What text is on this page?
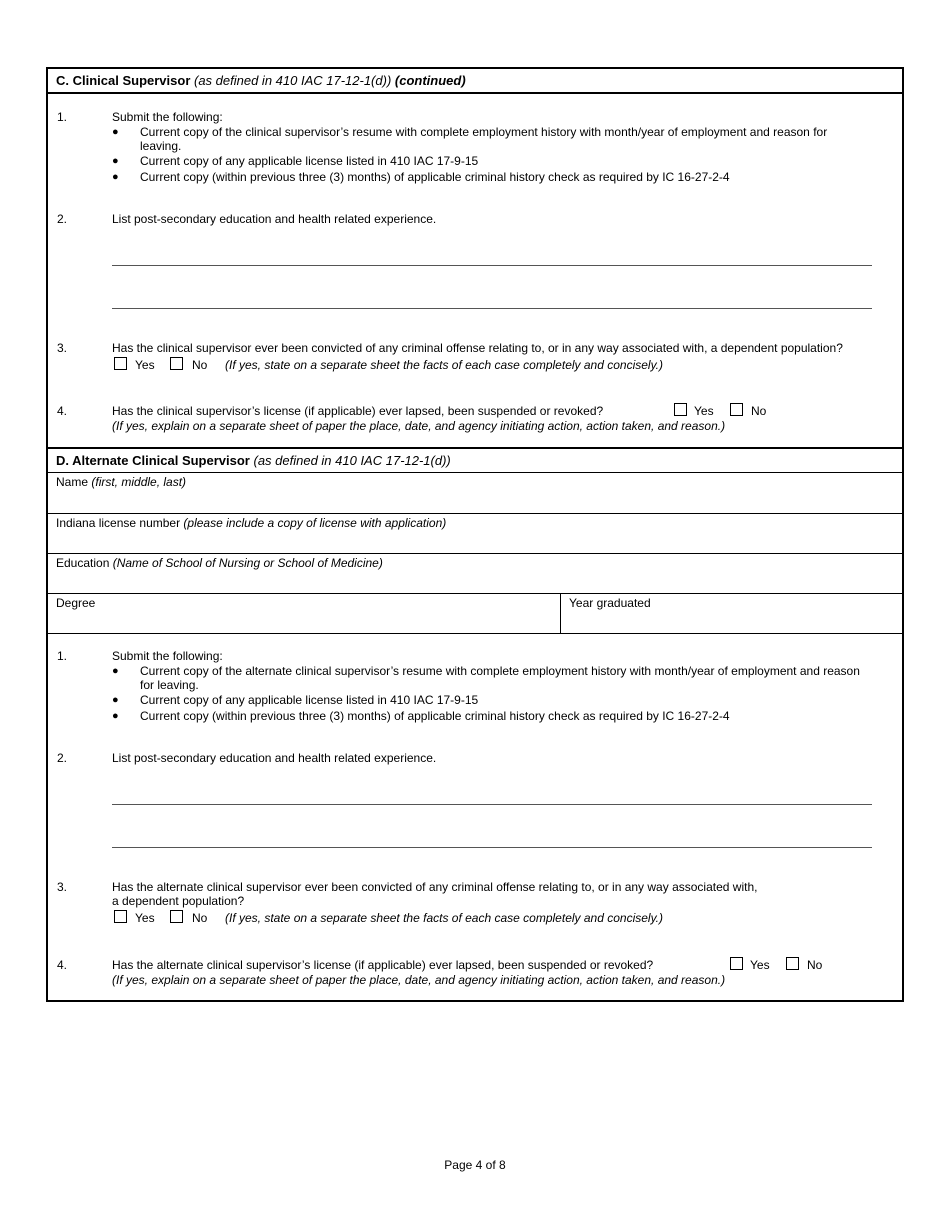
C. Clinical Supervisor (as defined in 410 IAC 17-12-1(d)) (continued)
1.	Submit the following:
● Current copy of the clinical supervisor’s resume with complete employment history with month/year of employment and reason for
leaving.
● Current copy of any applicable license listed in 410 IAC 17-9-15
● Current copy (within previous three (3) months) of applicable criminal history check as required by IC 16-27-2-4
2.	List post-secondary education and health related experience.
3.	Has the clinical supervisor ever been convicted of any criminal offense relating to, or in any way associated with, a dependent population?
Yes	No (If yes, state on a separate sheet the facts of each case completely and concisely.)
4.	Has the clinical supervisor’s license (if applicable) ever lapsed, been suspended or revoked?	Yes	No
(If yes, explain on a separate sheet of paper the place, date, and agency initiating action, action taken, and reason.)
D. Alternate Clinical Supervisor (as defined in 410 IAC 17-12-1(d))
Name (first, middle, last)
Indiana license number (please include a copy of license with application)
Education (Name of School of Nursing or School of Medicine)
Degree	Year graduated
1.	Submit the following:
● Current copy of the alternate clinical supervisor’s resume with complete employment history with month/year of employment and reason
for leaving.
● Current copy of any applicable license listed in 410 IAC 17-9-15
● Current copy (within previous three (3) months) of applicable criminal history check as required by IC 16-27-2-4
2.	List post-secondary education and health related experience.
3.	Has the alternate clinical supervisor ever been convicted of any criminal offense relating to, or in any way associated with,
a dependent population?
Yes	No (If yes, state on a separate sheet the facts of each case completely and concisely.)
4.	Has the alternate clinical supervisor’s license (if applicable) ever lapsed, been suspended or revoked?	Yes	No
(If yes, explain on a separate sheet of paper the place, date, and agency initiating action, action taken, and reason.)
Page 4 of 8
